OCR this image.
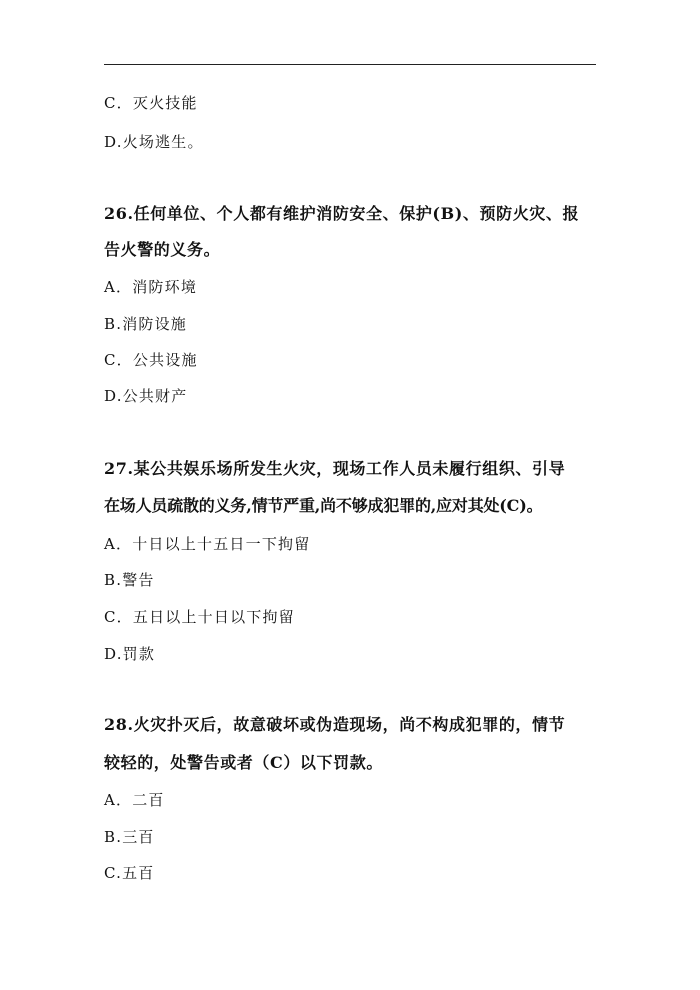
C．灭火技能
D.火场逃生。
26.任何单位、个人都有维护消防安全、保护(B)、预防火灾、报
告火警的义务。
A．消防环境
B.消防设施
C．公共设施
D.公共财产
27.某公共娱乐场所发生火灾，现场工作人员未履行组织、引导
在场人员疏散的义务,情节严重,尚不够成犯罪的,应对其处(C)。
A．十日以上十五日一下拘留
B.警告
C．五日以上十日以下拘留
D.罚款
28.火灾扑灭后，故意破坏或伪造现场，尚不构成犯罪的，情节
较轻的，处警告或者（C）以下罚款。
A．二百
B.三百
C.五百
